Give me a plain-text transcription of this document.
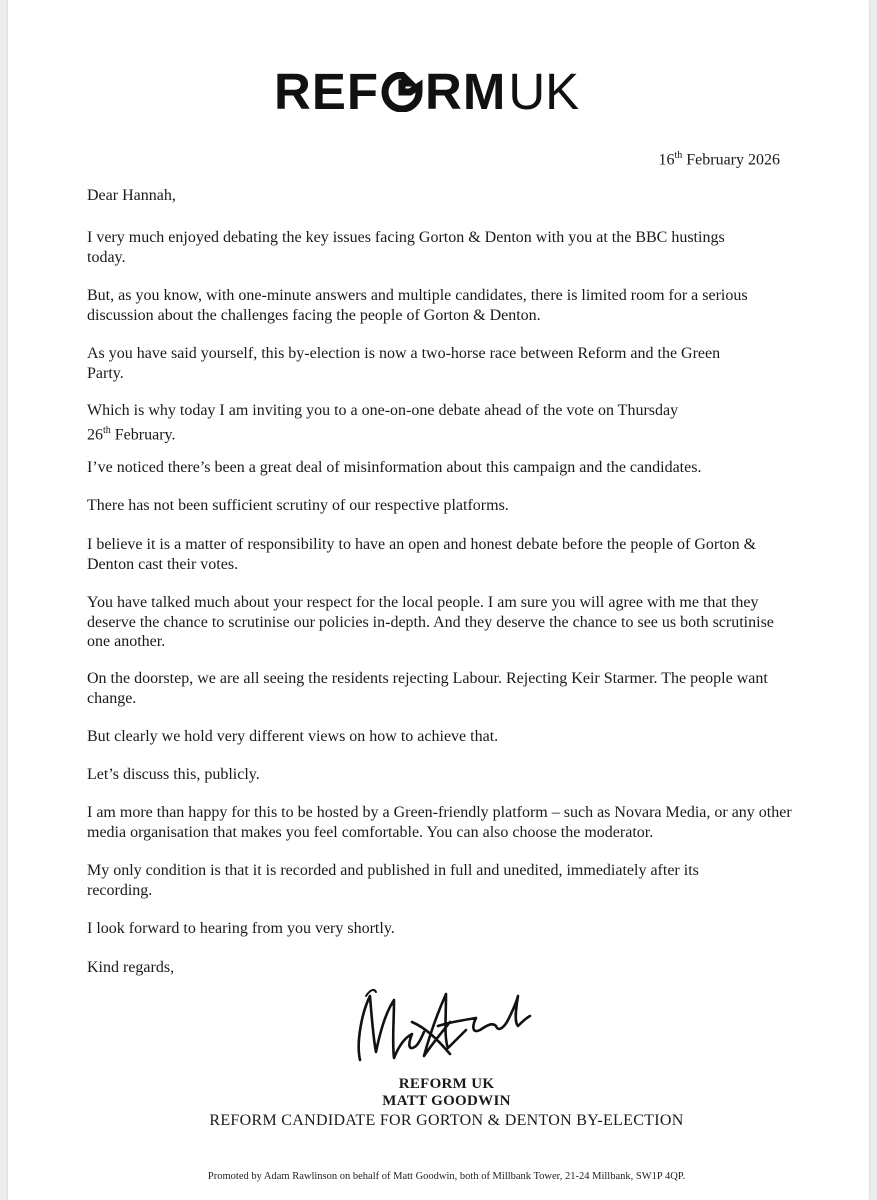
REF RM UK
16th February 2026

Dear Hannah,

I very much enjoyed debating the key issues facing Gorton & Denton with you at the BBC hustings today.

But, as you know, with one-minute answers and multiple candidates, there is limited room for a serious discussion about the challenges facing the people of Gorton & Denton.

As you have said yourself, this by-election is now a two-horse race between Reform and the Green Party.

Which is why today I am inviting you to a one-on-one debate ahead of the vote on Thursday

26th February.

I’ve noticed there’s been a great deal of misinformation about this campaign and the candidates.

There has not been sufficient scrutiny of our respective platforms.

I believe it is a matter of responsibility to have an open and honest debate before the people of Gorton & Denton cast their votes.

You have talked much about your respect for the local people. I am sure you will agree with me that they deserve the chance to scrutinise our policies in-depth. And they deserve the chance to see us both scrutinise one another.

On the doorstep, we are all seeing the residents rejecting Labour. Rejecting Keir Starmer. The people want change.

But clearly we hold very different views on how to achieve that.

Let’s discuss this, publicly.

I am more than happy for this to be hosted by a Green-friendly platform – such as Novara Media, or any other media organisation that makes you feel comfortable. You can also choose the moderator.

My only condition is that it is recorded and published in full and unedited, immediately after its recording.

I look forward to hearing from you very shortly.

Kind regards,

REFORM UK
MATT GOODWIN
REFORM CANDIDATE FOR GORTON & DENTON BY-ELECTION
Promoted by Adam Rawlinson on behalf of Matt Goodwin, both of Millbank Tower, 21-24 Millbank, SW1P 4QP.
